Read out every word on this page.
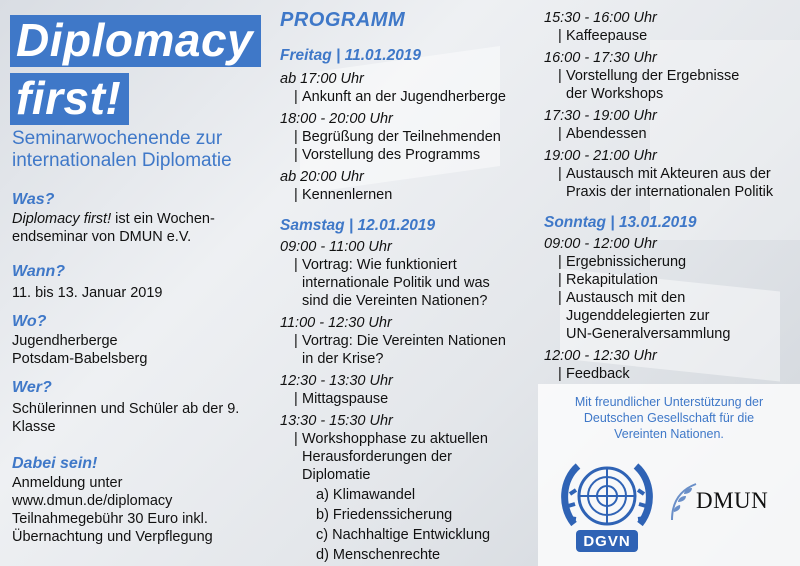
Diplomacy
first!
Seminarwochenende zur
internationalen Diplomatie
Was?
Diplomacy first! ist ein Wochen-
endseminar von DMUN e.V.
Wann?
11. bis 13. Januar 2019
Wo?
Jugendherberge
Potsdam-Babelsberg
Wer?
Schülerinnen und Schüler ab der 9.
Klasse
Dabei sein!
Anmeldung unter
www.dmun.de/diplomacy
Teilnahmegebühr 30 Euro inkl.
Übernachtung und Verpflegung
PROGRAMM
Freitag | 11.01.2019
ab 17:00 Uhr
| Ankunft an der Jugendherberge
18:00 - 20:00 Uhr
| Begrüßung der Teilnehmenden
| Vorstellung des Programms
ab 20:00 Uhr
| Kennenlernen
Samstag | 12.01.2019
09:00 - 11:00 Uhr
| Vortrag: Wie funktioniert
internationale Politik und was
sind die Vereinten Nationen?
11:00 - 12:30 Uhr
| Vortrag: Die Vereinten Nationen
in der Krise?
12:30 - 13:30 Uhr
| Mittagspause
13:30 - 15:30 Uhr
| Workshopphase zu aktuellen
Herausforderungen der
Diplomatie
a) Klimawandel
b) Friedenssicherung
c) Nachhaltige Entwicklung
d) Menschenrechte
15:30 - 16:00 Uhr
| Kaffeepause
16:00 - 17:30 Uhr
| Vorstellung der Ergebnisse
der Workshops
17:30 - 19:00 Uhr
| Abendessen
19:00 - 21:00 Uhr
| Austausch mit Akteuren aus der
Praxis der internationalen Politik
Sonntag | 13.01.2019
09:00 - 12:00 Uhr
| Ergebnissicherung
| Rekapitulation
| Austausch mit den
Jugenddelegierten zur
UN-Generalversammlung
12:00 - 12:30 Uhr
| Feedback
Mit freundlicher Unterstützung der
Deutschen Gesellschaft für die
Vereinten Nationen.
DGVN
DMUN
